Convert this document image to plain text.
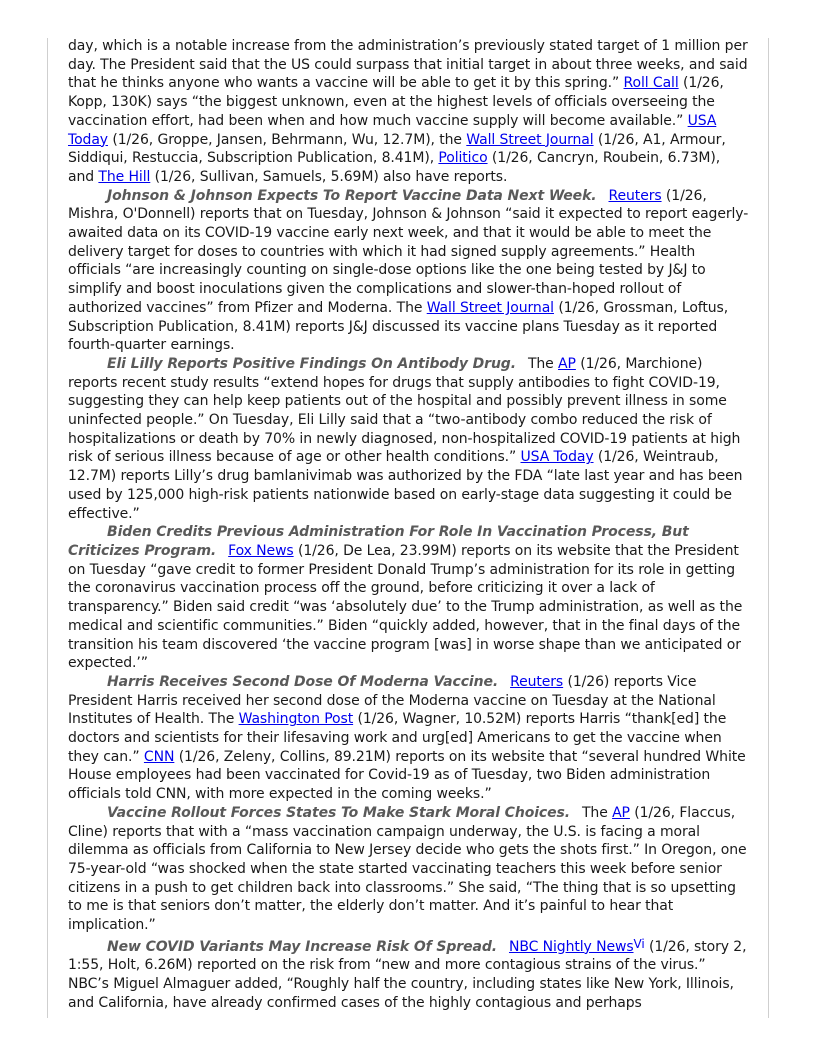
day, which is a notable increase from the administration’s previously stated target of 1 million per day. The President said that the US could surpass that initial target in about three weeks, and said that he thinks anyone who wants a vaccine will be able to get it by this spring.” Roll Call (1/26, Kopp, 130K) says “the biggest unknown, even at the highest levels of officials overseeing the vaccination effort, had been when and how much vaccine supply will become available.” USA Today (1/26, Groppe, Jansen, Behrmann, Wu, 12.7M), the Wall Street Journal (1/26, A1, Armour, Siddiqui, Restuccia, Subscription Publication, 8.41M), Politico (1/26, Cancryn, Roubein, 6.73M), and The Hill (1/26, Sullivan, Samuels, 5.69M) also have reports.

Johnson & Johnson Expects To Report Vaccine Data Next Week. Reuters (1/26, Mishra, O'Donnell) reports that on Tuesday, Johnson & Johnson “said it expected to report eagerly-awaited data on its COVID-19 vaccine early next week, and that it would be able to meet the delivery target for doses to countries with which it had signed supply agreements.” Health officials “are increasingly counting on single-dose options like the one being tested by J&J to simplify and boost inoculations given the complications and slower-than-hoped rollout of authorized vaccines” from Pfizer and Moderna. The Wall Street Journal (1/26, Grossman, Loftus, Subscription Publication, 8.41M) reports J&J discussed its vaccine plans Tuesday as it reported fourth-quarter earnings.

Eli Lilly Reports Positive Findings On Antibody Drug. The AP (1/26, Marchione) reports recent study results “extend hopes for drugs that supply antibodies to fight COVID-19, suggesting they can help keep patients out of the hospital and possibly prevent illness in some uninfected people.” On Tuesday, Eli Lilly said that a “two-antibody combo reduced the risk of hospitalizations or death by 70% in newly diagnosed, non-hospitalized COVID-19 patients at high risk of serious illness because of age or other health conditions.” USA Today (1/26, Weintraub, 12.7M) reports Lilly’s drug bamlanivimab was authorized by the FDA “late last year and has been used by 125,000 high-risk patients nationwide based on early-stage data suggesting it could be effective.”

Biden Credits Previous Administration For Role In Vaccination Process, But Criticizes Program. Fox News (1/26, De Lea, 23.99M) reports on its website that the President on Tuesday “gave credit to former President Donald Trump’s administration for its role in getting the coronavirus vaccination process off the ground, before criticizing it over a lack of transparency.” Biden said credit “was ‘absolutely due’ to the Trump administration, as well as the medical and scientific communities.” Biden “quickly added, however, that in the final days of the transition his team discovered ‘the vaccine program [was] in worse shape than we anticipated or expected.’”

Harris Receives Second Dose Of Moderna Vaccine. Reuters (1/26) reports Vice President Harris received her second dose of the Moderna vaccine on Tuesday at the National Institutes of Health. The Washington Post (1/26, Wagner, 10.52M) reports Harris “thank[ed] the doctors and scientists for their lifesaving work and urg[ed] Americans to get the vaccine when they can.” CNN (1/26, Zeleny, Collins, 89.21M) reports on its website that “several hundred White House employees had been vaccinated for Covid-19 as of Tuesday, two Biden administration officials told CNN, with more expected in the coming weeks.”

Vaccine Rollout Forces States To Make Stark Moral Choices. The AP (1/26, Flaccus, Cline) reports that with a “mass vaccination campaign underway, the U.S. is facing a moral dilemma as officials from California to New Jersey decide who gets the shots first.” In Oregon, one 75-year-old “was shocked when the state started vaccinating teachers this week before senior citizens in a push to get children back into classrooms.” She said, “The thing that is so upsetting to me is that seniors don’t matter, the elderly don’t matter. And it’s painful to hear that implication.”

New COVID Variants May Increase Risk Of Spread. NBC Nightly News$^{Vi}$ (1/26, story 2, 1:55, Holt, 6.26M) reported on the risk from “new and more contagious strains of the virus.” NBC’s Miguel Almaguer added, “Roughly half the country, including states like New York, Illinois, and California, have already confirmed cases of the highly contagious and perhaps
